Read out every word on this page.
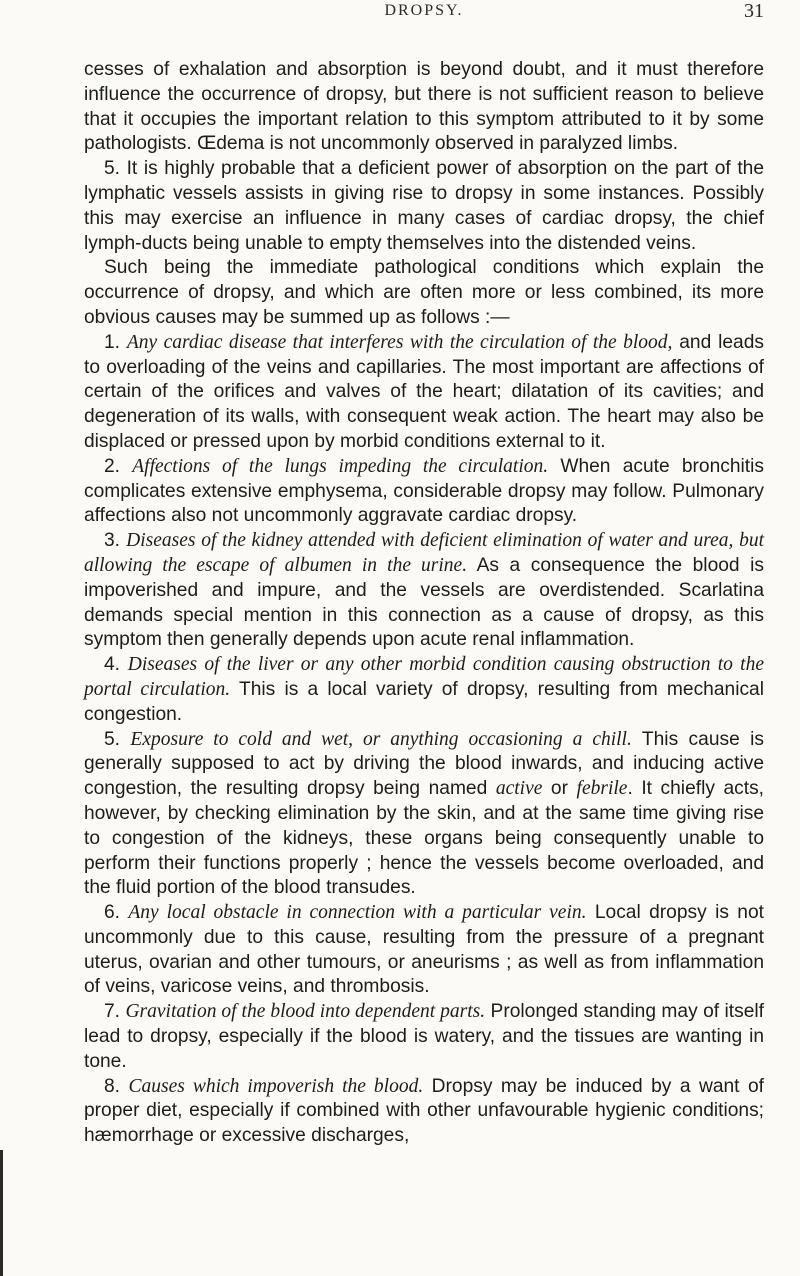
DROPSY.	31

cesses of exhalation and absorption is beyond doubt, and it must therefore influence the occurrence of dropsy, but there is not sufficient reason to believe that it occupies the important relation to this symptom attributed to it by some pathologists. Œdema is not uncommonly observed in paralyzed limbs.

5. It is highly probable that a deficient power of absorption on the part of the lymphatic vessels assists in giving rise to dropsy in some instances. Possibly this may exercise an influence in many cases of cardiac dropsy, the chief lymph-ducts being unable to empty themselves into the distended veins.

Such being the immediate pathological conditions which explain the occurrence of dropsy, and which are often more or less combined, its more obvious causes may be summed up as follows :—

1. Any cardiac disease that interferes with the circulation of the blood, and leads to overloading of the veins and capillaries. The most important are affections of certain of the orifices and valves of the heart; dilatation of its cavities; and degeneration of its walls, with consequent weak action. The heart may also be displaced or pressed upon by morbid conditions external to it.

2. Affections of the lungs impeding the circulation. When acute bronchitis complicates extensive emphysema, considerable dropsy may follow. Pulmonary affections also not uncommonly aggravate cardiac dropsy.

3. Diseases of the kidney attended with deficient elimination of water and urea, but allowing the escape of albumen in the urine. As a consequence the blood is impoverished and impure, and the vessels are overdistended. Scarlatina demands special mention in this connection as a cause of dropsy, as this symptom then generally depends upon acute renal inflammation.

4. Diseases of the liver or any other morbid condition causing obstruction to the portal circulation. This is a local variety of dropsy, resulting from mechanical congestion.

5. Exposure to cold and wet, or anything occasioning a chill. This cause is generally supposed to act by driving the blood inwards, and inducing active congestion, the resulting dropsy being named active or febrile. It chiefly acts, however, by checking elimination by the skin, and at the same time giving rise to congestion of the kidneys, these organs being consequently unable to perform their functions properly ; hence the vessels become overloaded, and the fluid portion of the blood transudes.

6. Any local obstacle in connection with a particular vein. Local dropsy is not uncommonly due to this cause, resulting from the pressure of a pregnant uterus, ovarian and other tumours, or aneurisms ; as well as from inflammation of veins, varicose veins, and thrombosis.

7. Gravitation of the blood into dependent parts. Prolonged standing may of itself lead to dropsy, especially if the blood is watery, and the tissues are wanting in tone.

8. Causes which impoverish the blood. Dropsy may be induced by a want of proper diet, especially if combined with other unfavourable hygienic conditions; hæmorrhage or excessive discharges,
